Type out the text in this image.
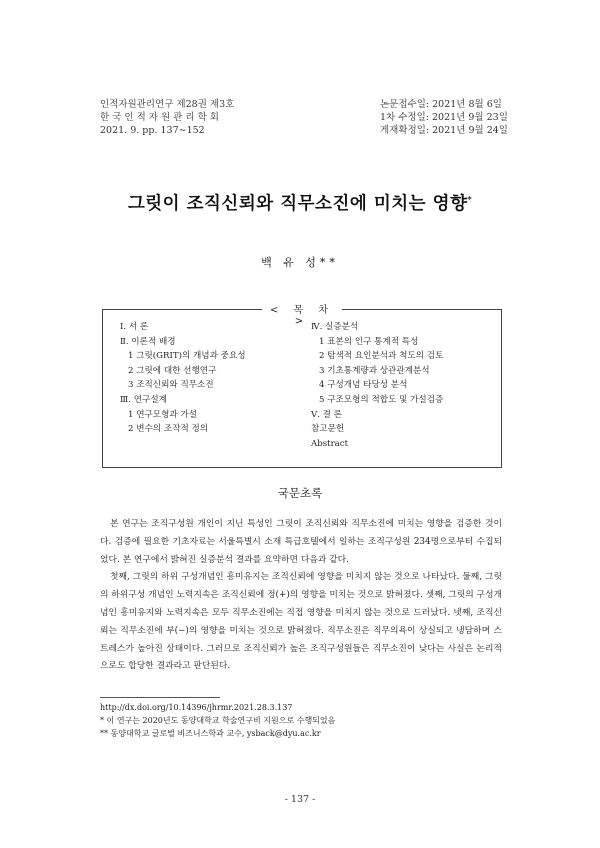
인적자원관리연구 제28권 제3호
한 국 인 적 자 원 관 리 학 회
2021. 9. pp. 137∼152
논문접수일: 2021년 8월 6일
1차 수정일: 2021년 9월 23일
게재확정일: 2021년 9월 24일
그릿이 조직신뢰와 직무소진에 미치는 영향*
백 유 성**
< 목 차 >
Ⅰ. 서 론
Ⅱ. 이론적 배경
1 그릿(GRIT)의 개념과 중요성
2 그릿에 대한 선행연구
3 조직신뢰와 직무소진
Ⅲ. 연구설계
1 연구모형과 가설
2 변수의 조작적 정의
Ⅳ. 실증분석
1 표본의 인구 통계적 특성
2 탐색적 요인분석과 척도의 검토
3 기초통계량과 상관관계분석
4 구성개념 타당성 분석
5 구조모형의 적합도 및 가설검증
Ⅴ. 결 론
참고문헌
Abstract
국문초록

본 연구는 조직구성원 개인이 지닌 특성인 그릿이 조직신뢰와 직무소진에 미치는 영향을 검증한 것이다. 검증에 필요한 기초자료는 서울특별시 소재 특급호텔에서 일하는 조직구성원 234명으로부터 수집되었다. 본 연구에서 밝혀진 실증분석 결과를 요약하면 다음과 같다.

첫째, 그릿의 하위 구성개념인 흥미유지는 조직신뢰에 영향을 미치지 않는 것으로 나타났다. 둘째, 그릿의 하위구성 개념인 노력지속은 조직신뢰에 정(+)의 영향을 미치는 것으로 밝혀졌다. 셋째, 그릿의 구성개념인 흥미유지와 노력지속은 모두 직무소진에는 직접 영향을 미치지 않는 것으로 드러났다. 넷째, 조직신뢰는 직무소진에 부(−)의 영향을 미치는 것으로 밝혀졌다. 직무소진은 직무의욕이 상실되고 냉담하며 스트레스가 높아진 상태이다. 그러므로 조직신뢰가 높은 조직구성원들은 직무소진이 낮다는 사실은 논리적으로도 합당한 결과라고 판단된다.

http://dx.doi.org/10.14396/jhrmr.2021.28.3.137
* 이 연구는 2020년도 동양대학교 학술연구비 지원으로 수행되었음
** 동양대학교 글로벌 비즈니스학과 교수, ysback@dyu.ac.kr
- 137 -
